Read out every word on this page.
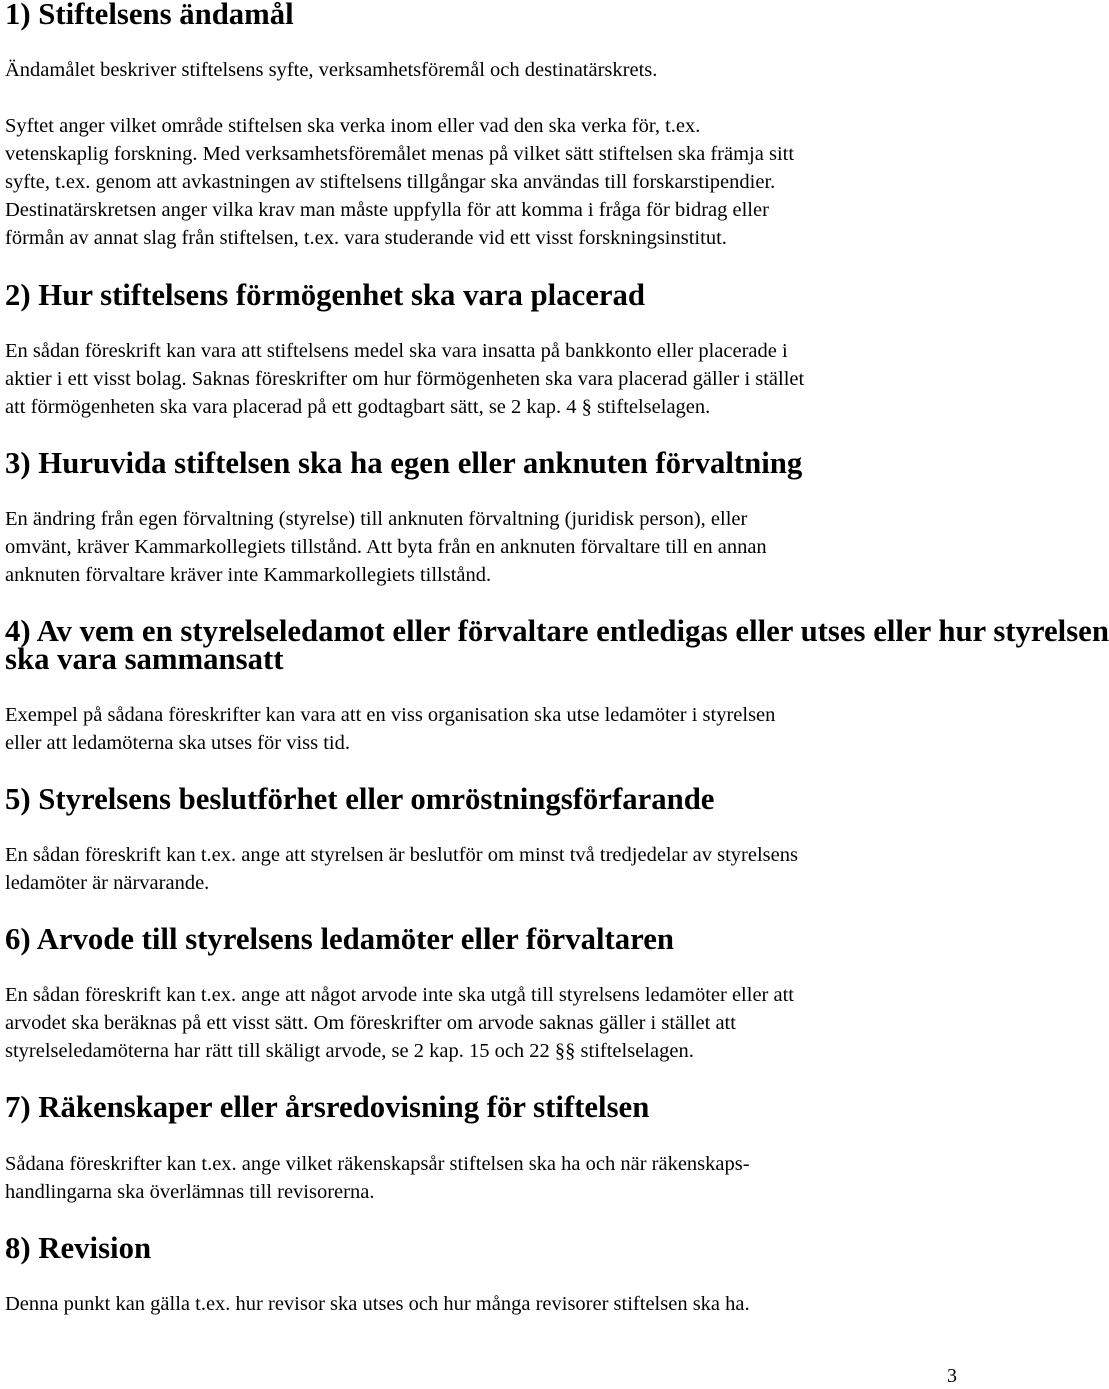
1) Stiftelsens ändamål

Ändamålet beskriver stiftelsens syfte, verksamhetsföremål och destinatärskrets.

Syftet anger vilket område stiftelsen ska verka inom eller vad den ska verka för, t.ex.
vetenskaplig forskning. Med verksamhetsföremålet menas på vilket sätt stiftelsen ska främja sitt
syfte, t.ex. genom att avkastningen av stiftelsens tillgångar ska användas till forskarstipendier.
Destinatärskretsen anger vilka krav man måste uppfylla för att komma i fråga för bidrag eller
förmån av annat slag från stiftelsen, t.ex. vara studerande vid ett visst forskningsinstitut.

2) Hur stiftelsens förmögenhet ska vara placerad

En sådan föreskrift kan vara att stiftelsens medel ska vara insatta på bankkonto eller placerade i
aktier i ett visst bolag. Saknas föreskrifter om hur förmögenheten ska vara placerad gäller i stället
att förmögenheten ska vara placerad på ett godtagbart sätt, se 2 kap. 4 § stiftelselagen.

3) Huruvida stiftelsen ska ha egen eller anknuten förvaltning

En ändring från egen förvaltning (styrelse) till anknuten förvaltning (juridisk person), eller
omvänt, kräver Kammarkollegiets tillstånd. Att byta från en anknuten förvaltare till en annan
anknuten förvaltare kräver inte Kammarkollegiets tillstånd.

4) Av vem en styrelseledamot eller förvaltare entledigas eller utses eller hur styrelsen
ska vara sammansatt

Exempel på sådana föreskrifter kan vara att en viss organisation ska utse ledamöter i styrelsen
eller att ledamöterna ska utses för viss tid.

5) Styrelsens beslutförhet eller omröstningsförfarande

En sådan föreskrift kan t.ex. ange att styrelsen är beslutför om minst två tredjedelar av styrelsens
ledamöter är närvarande.

6) Arvode till styrelsens ledamöter eller förvaltaren

En sådan föreskrift kan t.ex. ange att något arvode inte ska utgå till styrelsens ledamöter eller att
arvodet ska beräknas på ett visst sätt. Om föreskrifter om arvode saknas gäller i stället att
styrelseledamöterna har rätt till skäligt arvode, se 2 kap. 15 och 22 §§ stiftelselagen.

7) Räkenskaper eller årsredovisning för stiftelsen

Sådana föreskrifter kan t.ex. ange vilket räkenskapsår stiftelsen ska ha och när räkenskaps-
handlingarna ska överlämnas till revisorerna.

8) Revision

Denna punkt kan gälla t.ex. hur revisor ska utses och hur många revisorer stiftelsen ska ha.

3
